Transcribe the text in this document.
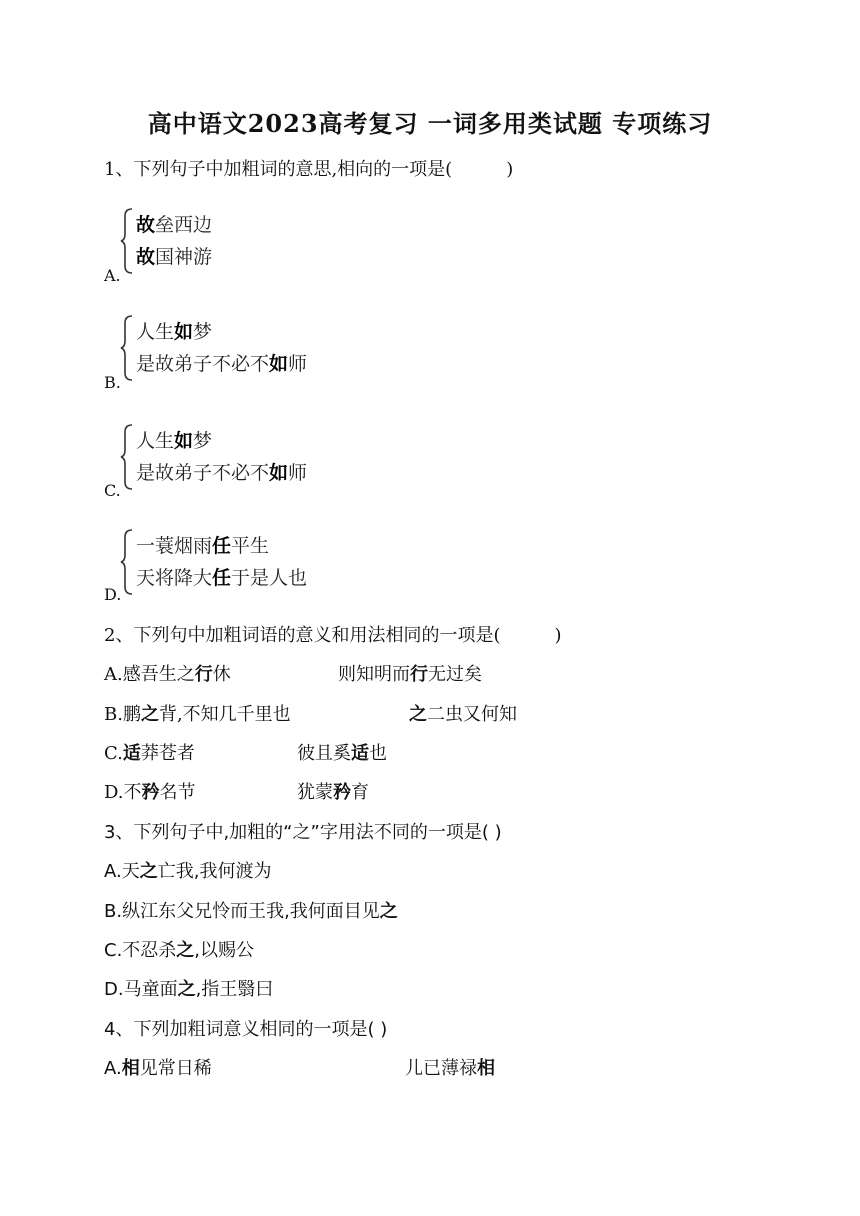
高中语文2023高考复习 一词多用类试题 专项练习
1、下列句子中加粗词的意思,相向的一项是(　　　)
故垒西边
故国神游
A.
人生如梦
是故弟子不必不如师
B.
人生如梦
是故弟子不必不如师
C.
一蓑烟雨任平生
天将降大任于是人也
D.
2、下列句中加粗词语的意义和用法相同的一项是(　　　)
A.感吾生之行休	则知明而行无过矣
B.鹏之背,不知几千里也	之二虫又何知
C.适莽苍者	彼且奚适也
D.不矜名节	犹蒙矜育
3、下列句子中,加粗的“之”字用法不同的一项是( )
A.天之亡我,我何渡为
B.纵江东父兄怜而王我,我何面目见之
C.不忍杀之,以赐公
D.马童面之,指王翳曰
4、下列加粗词意义相同的一项是( )
A.相见常日稀	儿已薄禄相
